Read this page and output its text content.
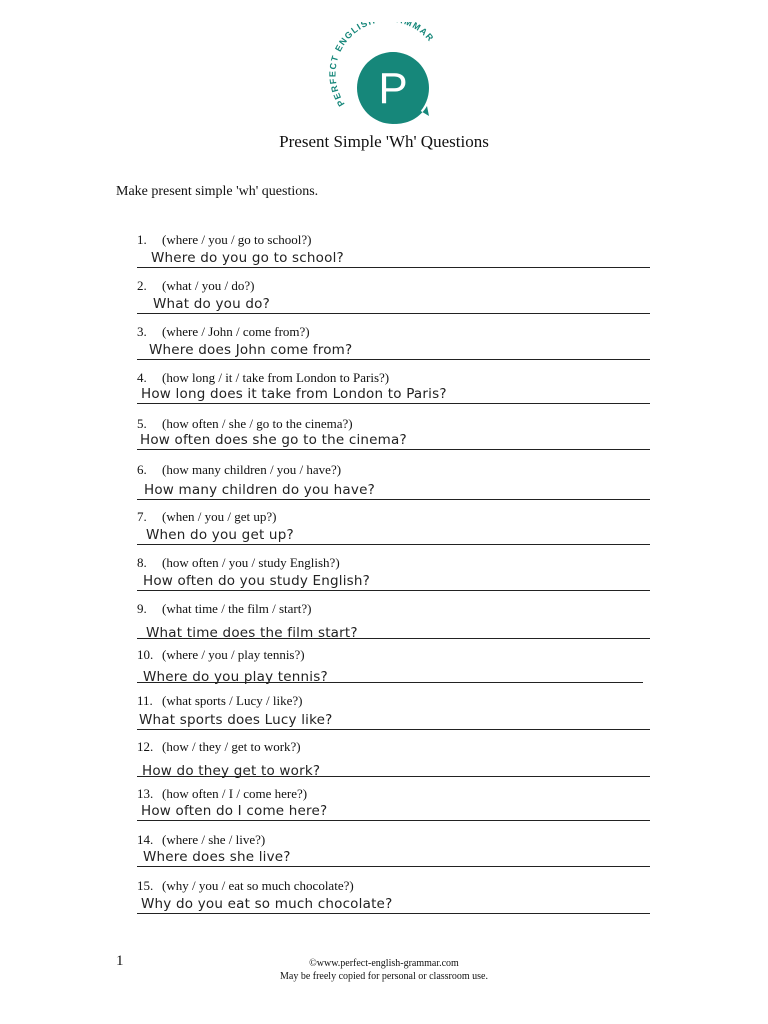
PERFECT ENGLIS MMAR
P
Present Simple 'Wh' Questions
Make present simple 'wh' questions.
1. (where / you / go to school?)
Where do you go to school?
2. (what / you / do?)
What do you do?
3. (where / John / come from?)
Where does John come from?
4. (how long / it / take from London to Paris?)
How long does it take from London to Paris?
5. (how often / she / go to the cinema?)
How often does she go to the cinema?
6. (how many children / you / have?)
How many children do you have?
7. (when / you / get up?)
When do you get up?
8. (how often / you / study English?)
How often do you study English?
9. (what time / the film / start?)
What time does the film start?
10. (where / you / play tennis?)
Where do you play tennis?
11. (what sports / Lucy / like?)
What sports does Lucy like?
12. (how / they / get to work?)
How do they get to work?
13. (how often / I / come here?)
How often do I come here?
14. (where / she / live?)
Where does she live?
15. (why / you / eat so much chocolate?)
Why do you eat so much chocolate?
1	©www.perfect-english-grammar.com
May be freely copied for personal or classroom use.
